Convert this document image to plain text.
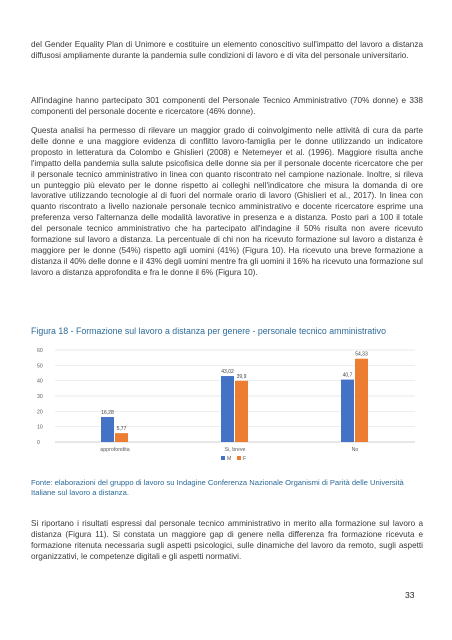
del Gender Equality Plan di Unimore e costituire un elemento conoscitivo sull'impatto del lavoro a distanza diffusosi ampliamente durante la pandemia sulle condizioni di lavoro e di vita del personale universitario.

All'indagine hanno partecipato 301 componenti del Personale Tecnico Amministrativo (70% donne) e 338 componenti del personale docente e ricercatore (46% donne).

Questa analisi ha permesso di rilevare un maggior grado di coinvolgimento nelle attività di cura da parte delle donne e una maggiore evidenza di conflitto lavoro-famiglia per le donne utilizzando un indicatore proposto in letteratura da Colombo e Ghislieri (2008) e Netemeyer et al. (1996). Maggiore risulta anche l'impatto della pandemia sulla salute psicofisica delle donne sia per il personale docente ricercatore che per il personale tecnico amministrativo in linea con quanto riscontrato nel campione nazionale. Inoltre, si rileva un punteggio più elevato per le donne rispetto ai colleghi nell'indicatore che misura la domanda di ore lavorative utilizzando tecnologie al di fuori del normale orario di lavoro (Ghislieri et al., 2017). In linea con quanto riscontrato a livello nazionale personale tecnico amministrativo e docente ricercatore esprime una preferenza verso l'alternanza delle modalità lavorative in presenza e a distanza. Posto pari a 100 il totale del personale tecnico amministrativo che ha partecipato all'indagine il 50% risulta non avere ricevuto formazione sul lavoro a distanza. La percentuale di chi non ha ricevuto formazione sul lavoro a distanza è maggiore per le donne (54%) rispetto agli uomini (41%) (Figura 10). Ha ricevuto una breve formazione a distanza il 40% delle donne e il 43% degli uomini mentre fra gli uomini il 16% ha ricevuto una formazione sul lavoro a distanza approfondita e fra le donne il 6% (Figura 10).

Figura 18 - Formazione sul lavoro a distanza per genere - personale tecnico amministrativo

0
10
20
30
40
50
60
16,28
5,77
approfondita
43,02
39,9
Si, breve
40,7
54,33
No
M F

Fonte: elaborazioni del gruppo di lavoro su Indagine Conferenza Nazionale Organismi di Parità delle Università Italiane sul lavoro a distanza.

Si riportano i risultati espressi dal personale tecnico amministrativo in merito alla formazione sul lavoro a distanza (Figura 11). Si constata un maggiore gap di genere nella differenza fra formazione ricevuta e formazione ritenuta necessaria sugli aspetti psicologici, sulle dinamiche del lavoro da remoto, sugli aspetti organizzativi, le competenze digitali e gli aspetti normativi.

33
